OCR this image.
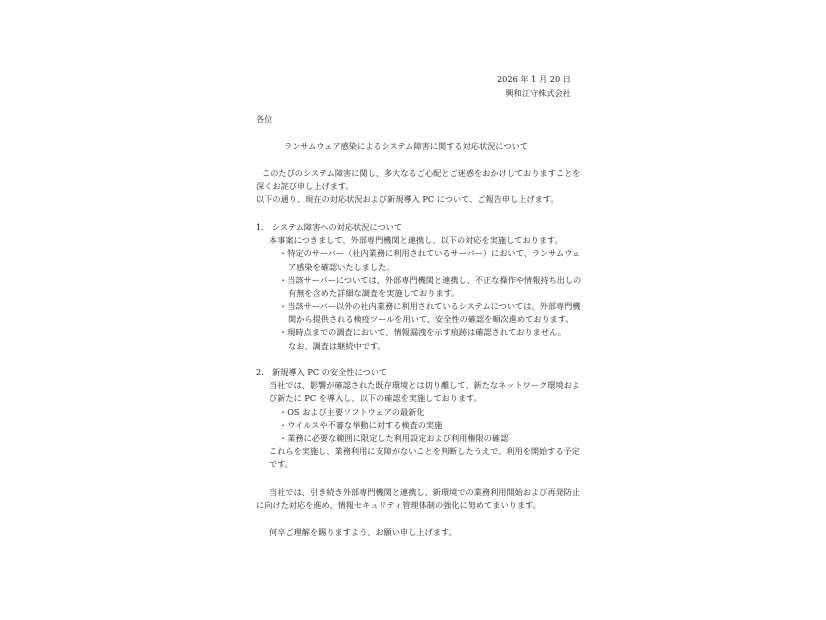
2026 年 1 月 20 日
興和江守株式会社
各位
ランサムウェア感染によるシステム障害に関する対応状況について
このたびのシステム障害に関し、多大なるご心配とご迷惑をおかけしておりますことを
深くお詫び申し上げます。
以下の通り、現在の対応状況および新規導入 PC について、ご報告申し上げます。
1.　システム障害への対応状況について
本事案につきまして、外部専門機関と連携し、以下の対応を実施しております。
・特定のサーバー（社内業務に利用されているサーバー）において、ランサムウェ
ア感染を確認いたしました。
・当該サーバーについては、外部専門機関と連携し、不正な操作や情報持ち出しの
有無を含めた詳細な調査を実施しております。
・当該サーバー以外の社内業務に利用されているシステムについては、外部専門機
関から提供される検疫ツールを用いて、安全性の確認を順次進めております。
・現時点までの調査において、情報漏洩を示す痕跡は確認されておりません。
なお、調査は継続中です。
2.　新規導入 PC の安全性について
当社では、影響が確認された既存環境とは切り離して、新たなネットワーク環境およ
び新たに PC を導入し、以下の確認を実施しております。
・OS および主要ソフトウェアの最新化
・ウイルスや不審な挙動に対する検査の実施
・業務に必要な範囲に限定した利用設定および利用権限の確認
これらを実施し、業務利用に支障がないことを判断したうえで、利用を開始する予定
です。
当社では、引き続き外部専門機関と連携し、新環境での業務利用開始および再発防止
に向けた対応を進め、情報セキュリティ管理体制の強化に努めてまいります。
何卒ご理解を賜りますよう、お願い申し上げます。
